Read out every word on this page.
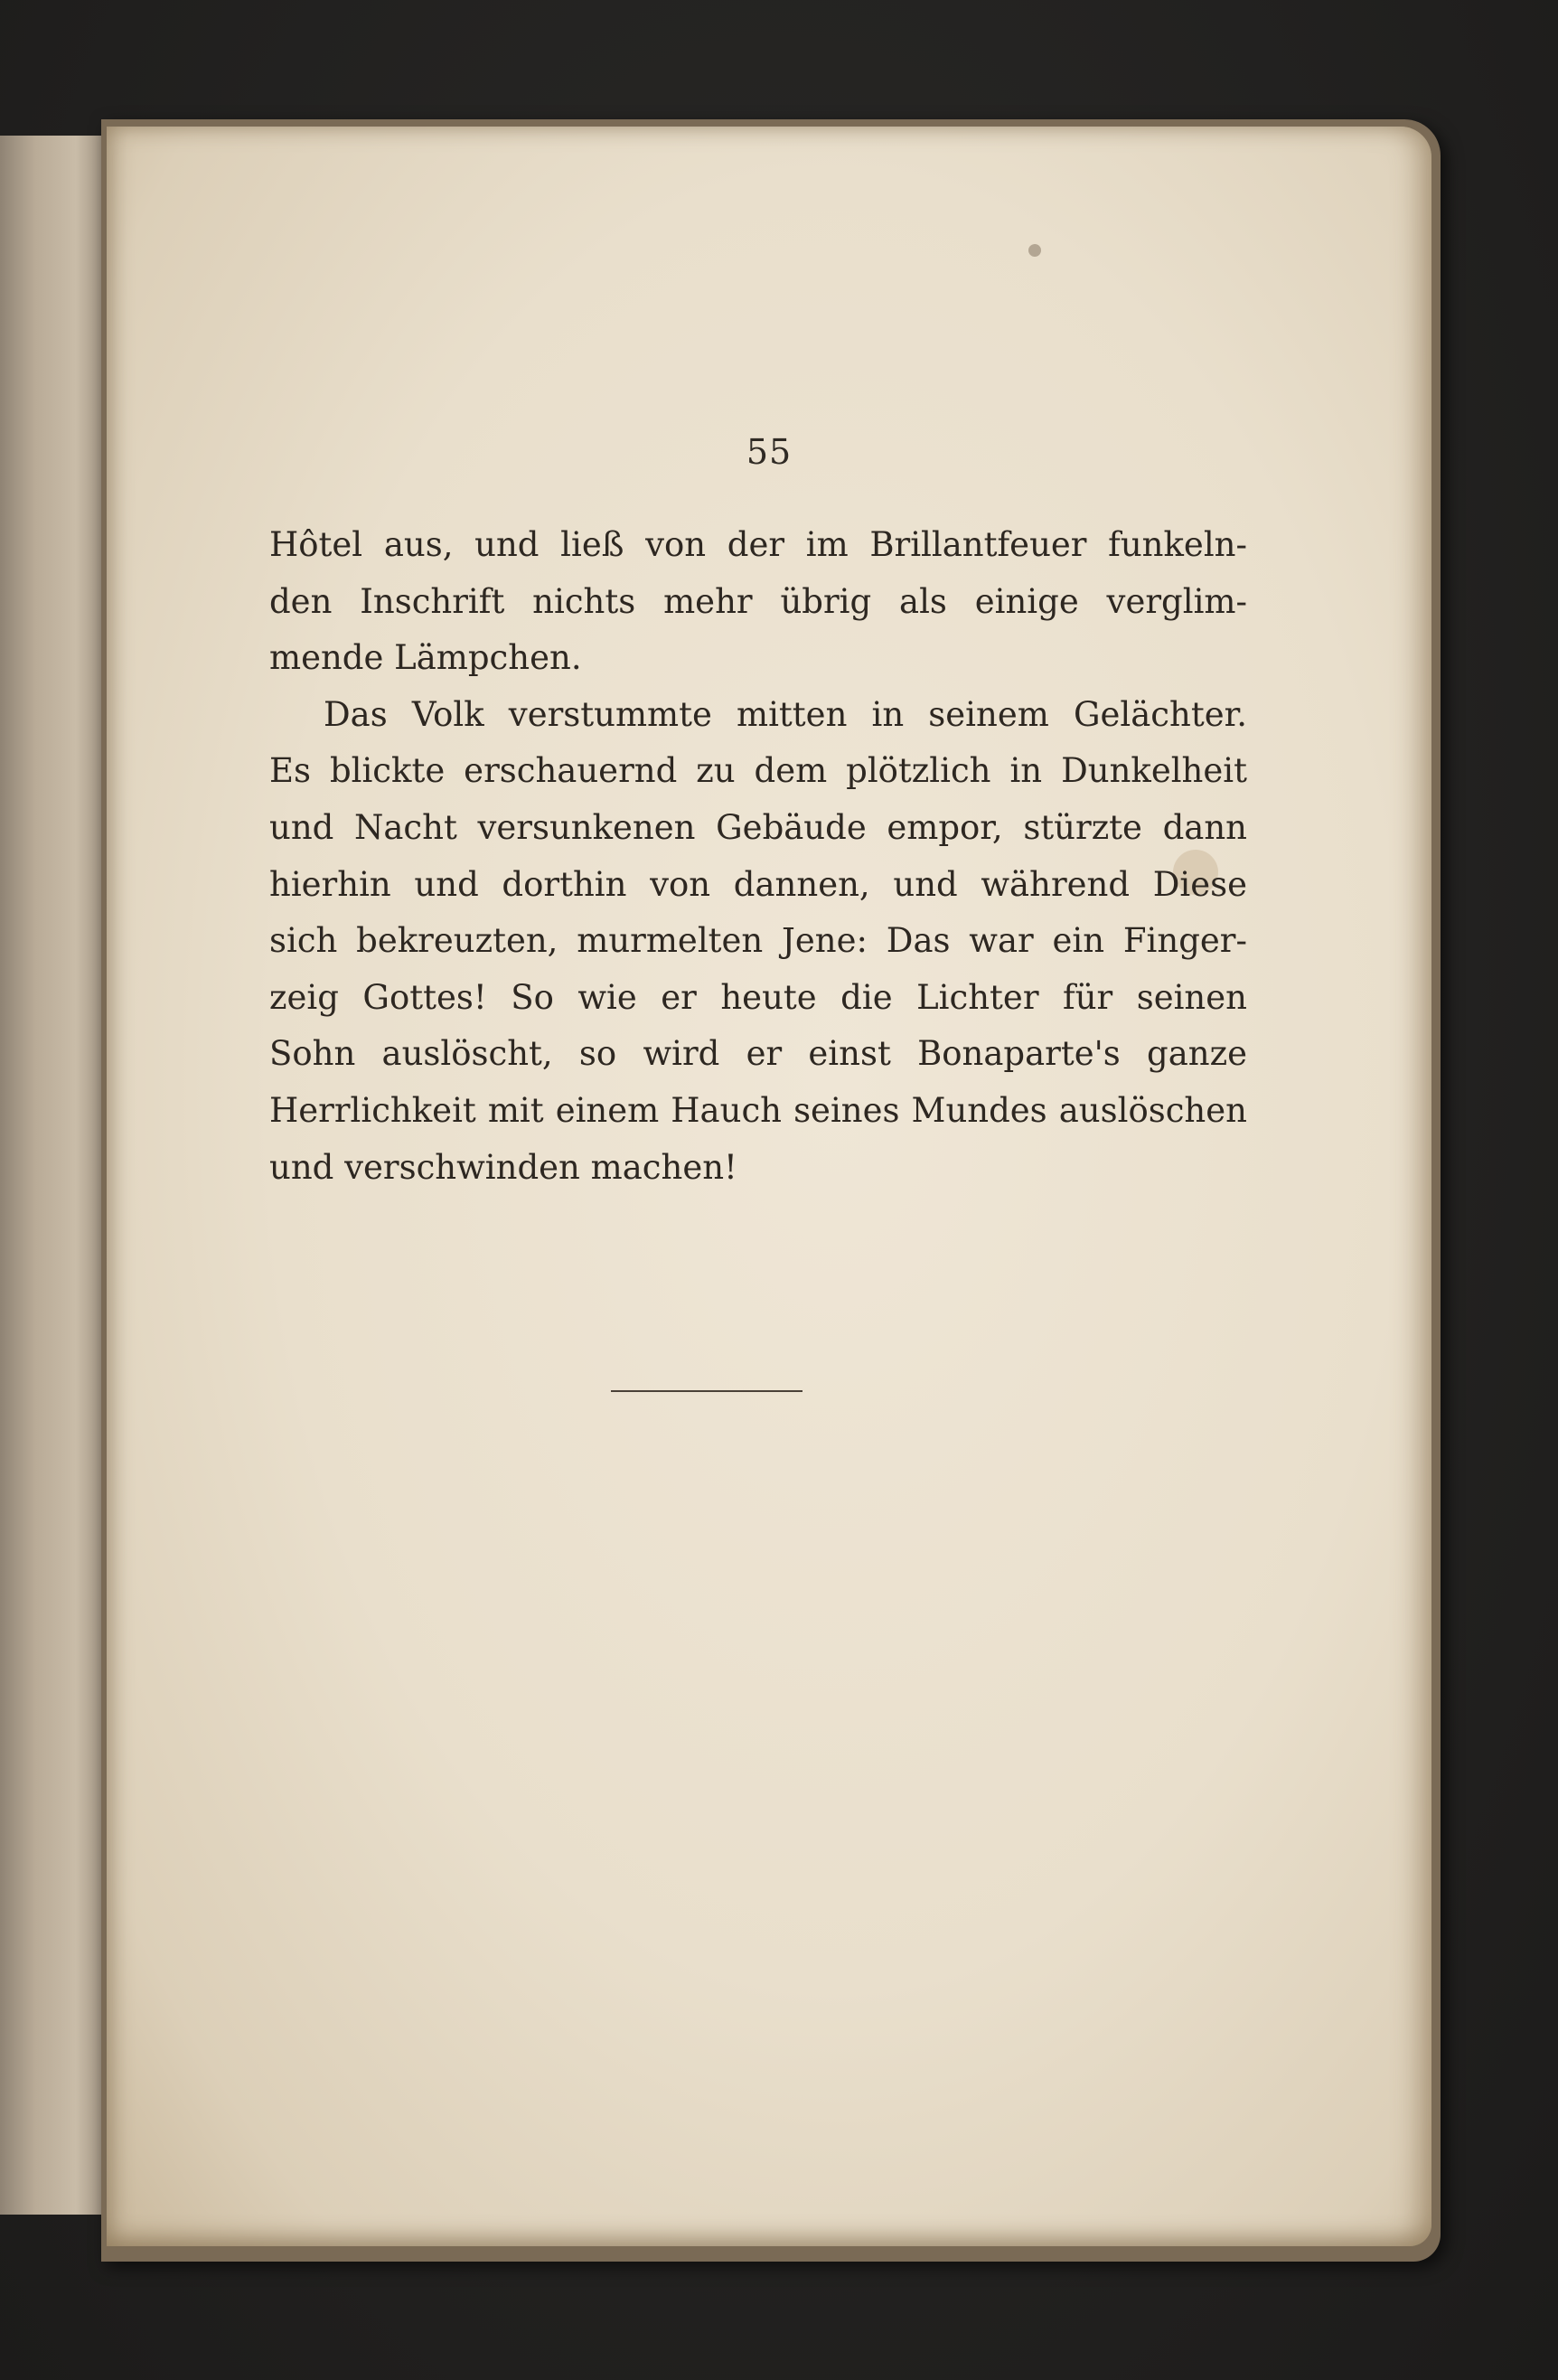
55
Hôtel aus, und ließ von der im Brillantfeuer funkeln-
den Inschrift nichts mehr übrig als einige verglim-
mende Lämpchen.
Das Volk verstummte mitten in seinem Gelächter.
Es blickte erschauernd zu dem plötzlich in Dunkelheit
und Nacht versunkenen Gebäude empor, stürzte dann
hierhin und dorthin von dannen, und während Diese
sich bekreuzten, murmelten Jene: Das war ein Finger-
zeig Gottes! So wie er heute die Lichter für seinen
Sohn auslöscht, so wird er einst Bonaparte's ganze
Herrlichkeit mit einem Hauch seines Mundes auslöschen
und verschwinden machen!
